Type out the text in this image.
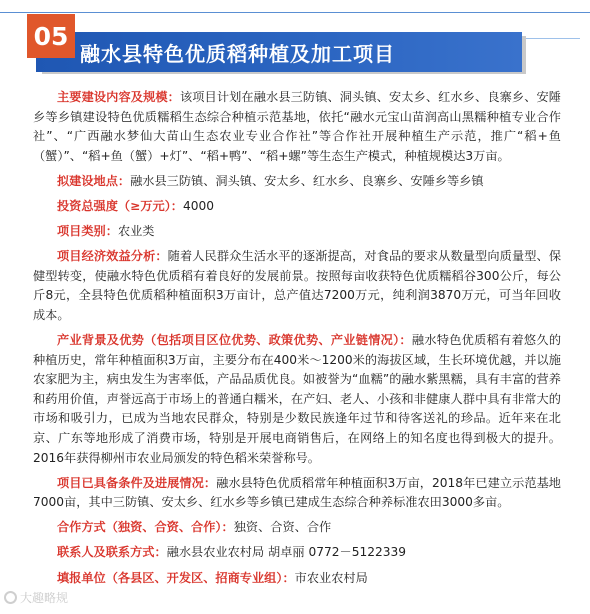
融水县特色优质稻种植及加工项目
05

主要建设内容及规模：该项目计划在融水县三防镇、洞头镇、安太乡、红水乡、良寨乡、安陲乡等乡镇建设特色优质糯稻生态综合种植示范基地，依托“融水元宝山苗润高山黑糯种植专业合作社”、“广西融水梦仙大苗山生态农业专业合作社”等合作社开展种植生产示范，推广“稻+鱼（蟹）”、“稻+鱼（蟹）+灯”、“稻+鸭”、“稻+螺”等生态生产模式，种植规模达3万亩。

拟建设地点：融水县三防镇、洞头镇、安太乡、红水乡、良寨乡、安陲乡等乡镇

投资总强度（≥万元）：4000

项目类别：农业类

项目经济效益分析：随着人民群众生活水平的逐渐提高，对食品的要求从数量型向质量型、保健型转变，使融水特色优质稻有着良好的发展前景。按照每亩收获特色优质糯稻谷300公斤，每公斤8元，全县特色优质稻种植面积3万亩计，总产值达7200万元，纯利润3870万元，可当年回收成本。

产业背景及优势（包括项目区位优势、政策优势、产业链情况）：融水特色优质稻有着悠久的种植历史，常年种植面积3万亩，主要分布在400米～1200米的海拔区域，生长环境优越，并以施农家肥为主，病虫发生为害率低，产品品质优良。如被誉为“血糯”的融水紫黑糯，具有丰富的营养和药用价值，声誉远高于市场上的普通白糯米，在产妇、老人、小孩和非健康人群中具有非常大的市场和吸引力，已成为当地农民群众，特别是少数民族逢年过节和待客送礼的珍品。近年来在北京、广东等地形成了消费市场，特别是开展电商销售后，在网络上的知名度也得到极大的提升。2016年获得柳州市农业局颁发的特色稻米荣誉称号。

项目已具备条件及进展情况：融水县特色优质稻常年种植面积3万亩，2018年已建立示范基地7000亩，其中三防镇、安太乡、红水乡等乡镇已建成生态综合种养标准农田3000多亩。

合作方式（独资、合资、合作）：独资、合资、合作

联系人及联系方式：融水县农业农村局 胡卓丽 0772－5122339

填报单位（各县区、开发区、招商专业组）：市农业农村局

大趣略规
